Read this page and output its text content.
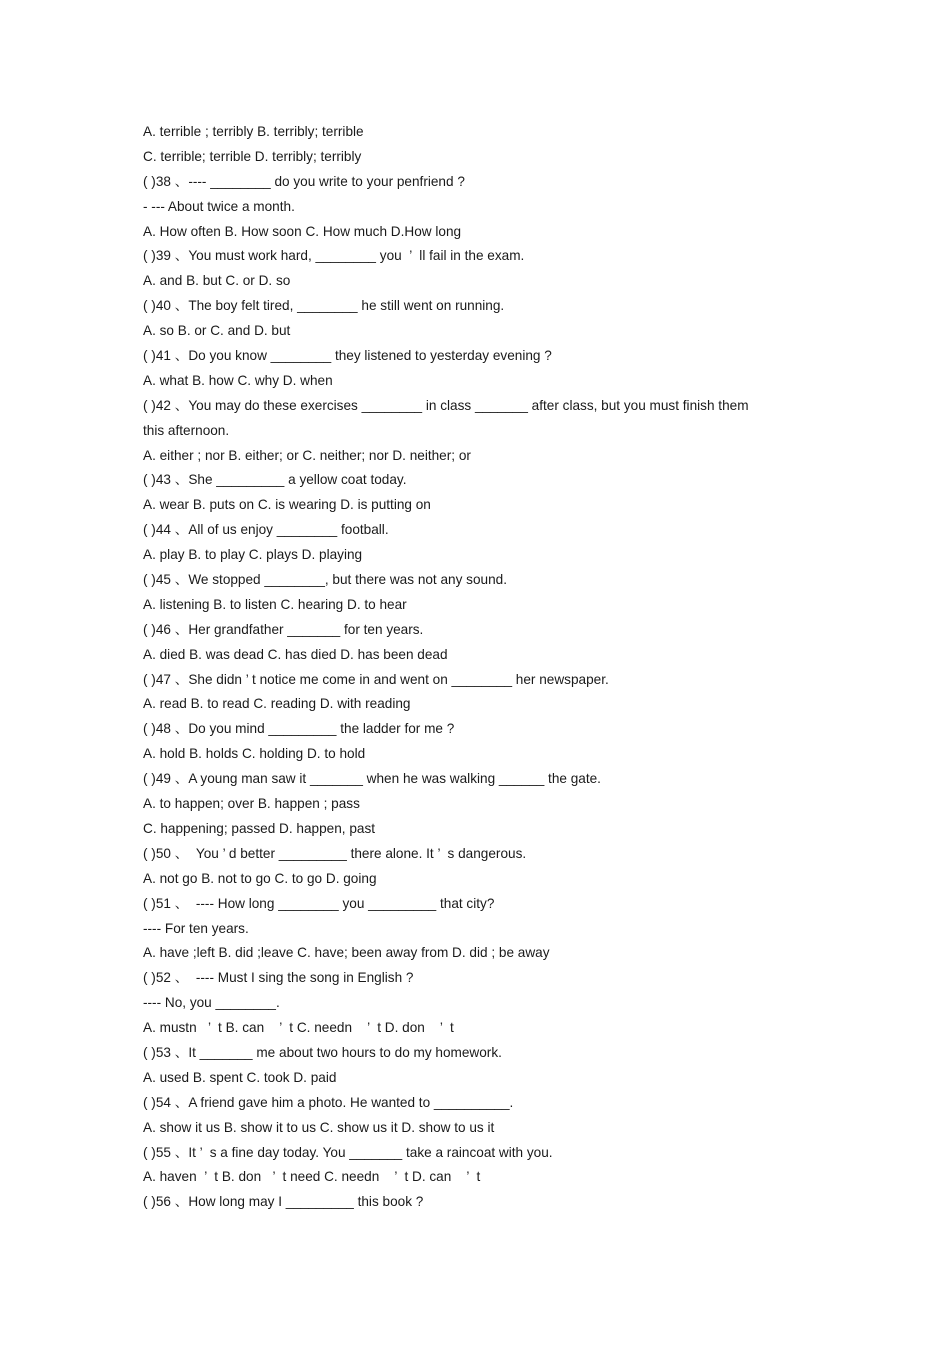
A. terrible ; terribly B. terribly; terrible

C. terrible; terrible D. terribly; terribly

( )38 、---- ________ do you write to your penfriend ?

- --- About twice a month.

A. How often B. How soon C. How much D.How long

( )39 、You must work hard, ________ you  ’  ll fail in the exam.

A. and B. but C. or D. so

( )40 、The boy felt tired, ________ he still went on running.

A. so B. or C. and D. but

( )41 、Do you know ________ they listened to yesterday evening ?

A. what B. how C. why D. when

( )42 、You may do these exercises ________ in class _______ after class, but you must finish them

this afternoon.

A. either ; nor B. either; or C. neither; nor D. neither; or

( )43 、She _________ a yellow coat today.

A. wear B. puts on C. is wearing D. is putting on

( )44 、All of us enjoy ________ football.

A. play B. to play C. plays D. playing

( )45 、We stopped ________, but there was not any sound.

A. listening B. to listen C. hearing D. to hear

( )46 、Her grandfather _______ for ten years.

A. died B. was dead C. has died D. has been dead

( )47 、She didn ’ t notice me come in and went on ________ her newspaper.

A. read B. to read C. reading D. with reading

( )48 、Do you mind _________ the ladder for me ?

A. hold B. holds C. holding D. to hold

( )49 、A young man saw it _______ when he was walking ______ the gate.

A. to happen; over B. happen ; pass

C. happening; passed D. happen, past

( )50 、  You ’ d better _________ there alone. It ’  s dangerous.

A. not go B. not to go C. to go D. going

( )51 、  ---- How long ________ you _________ that city?

---- For ten years.

A. have ;left B. did ;leave C. have; been away from D. did ; be away

( )52 、  ---- Must I sing the song in English ?

---- No, you ________.

A. mustn   ’  t B. can    ’  t C. needn    ’  t D. don    ’  t

( )53 、It _______ me about two hours to do my homework.

A. used B. spent C. took D. paid

( )54 、A friend gave him a photo. He wanted to __________.

A. show it us B. show it to us C. show us it D. show to us it

( )55 、It ’  s a fine day today. You _______ take a raincoat with you.

A. haven  ’  t B. don   ’  t need C. needn    ’  t D. can    ’  t

( )56 、How long may I _________ this book ?
